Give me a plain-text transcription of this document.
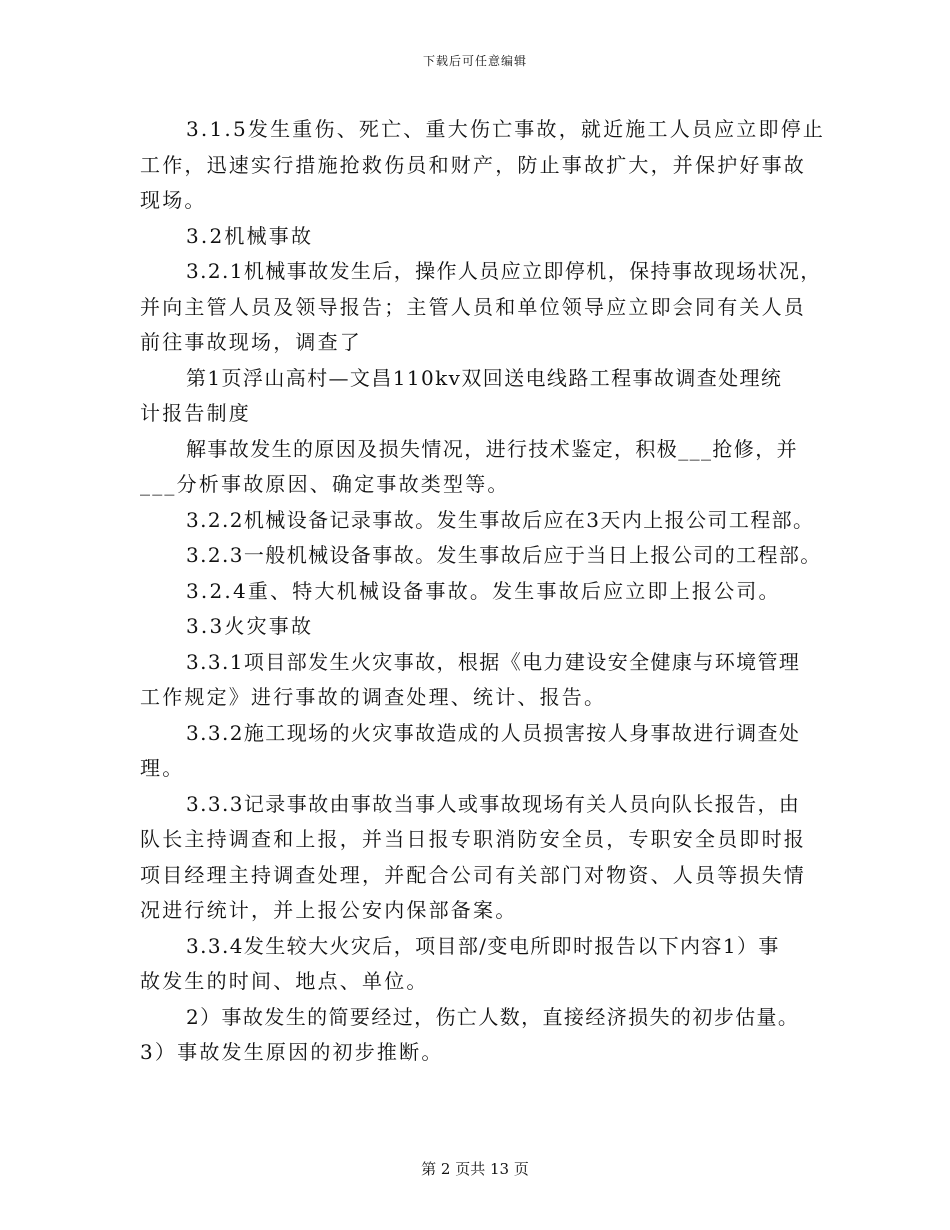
下载后可任意编辑
3.1.5发生重伤、死亡、重大伤亡事故，就近施工人员应立即停止
工作，迅速实行措施抢救伤员和财产，防止事故扩大，并保护好事故
现场。
3.2机械事故
3.2.1机械事故发生后，操作人员应立即停机，保持事故现场状况，
并向主管人员及领导报告；主管人员和单位领导应立即会同有关人员
前往事故现场，调查了
第1页浮山高村—文昌110kv双回送电线路工程事故调查处理统
计报告制度
解事故发生的原因及损失情况，进行技术鉴定，积极___抢修，并
___分析事故原因、确定事故类型等。
3.2.2机械设备记录事故。发生事故后应在3天内上报公司工程部。
3.2.3一般机械设备事故。发生事故后应于当日上报公司的工程部。
3.2.4重、特大机械设备事故。发生事故后应立即上报公司。
3.3火灾事故
3.3.1项目部发生火灾事故，根据《电力建设安全健康与环境管理
工作规定》进行事故的调查处理、统计、报告。
3.3.2施工现场的火灾事故造成的人员损害按人身事故进行调查处
理。
3.3.3记录事故由事故当事人或事故现场有关人员向队长报告，由
队长主持调查和上报，并当日报专职消防安全员，专职安全员即时报
项目经理主持调查处理，并配合公司有关部门对物资、人员等损失情
况进行统计，并上报公安内保部备案。
3.3.4发生较大火灾后，项目部/变电所即时报告以下内容1）事
故发生的时间、地点、单位。
2）事故发生的简要经过，伤亡人数，直接经济损失的初步估量。
3）事故发生原因的初步推断。
第 2 页共 13 页
